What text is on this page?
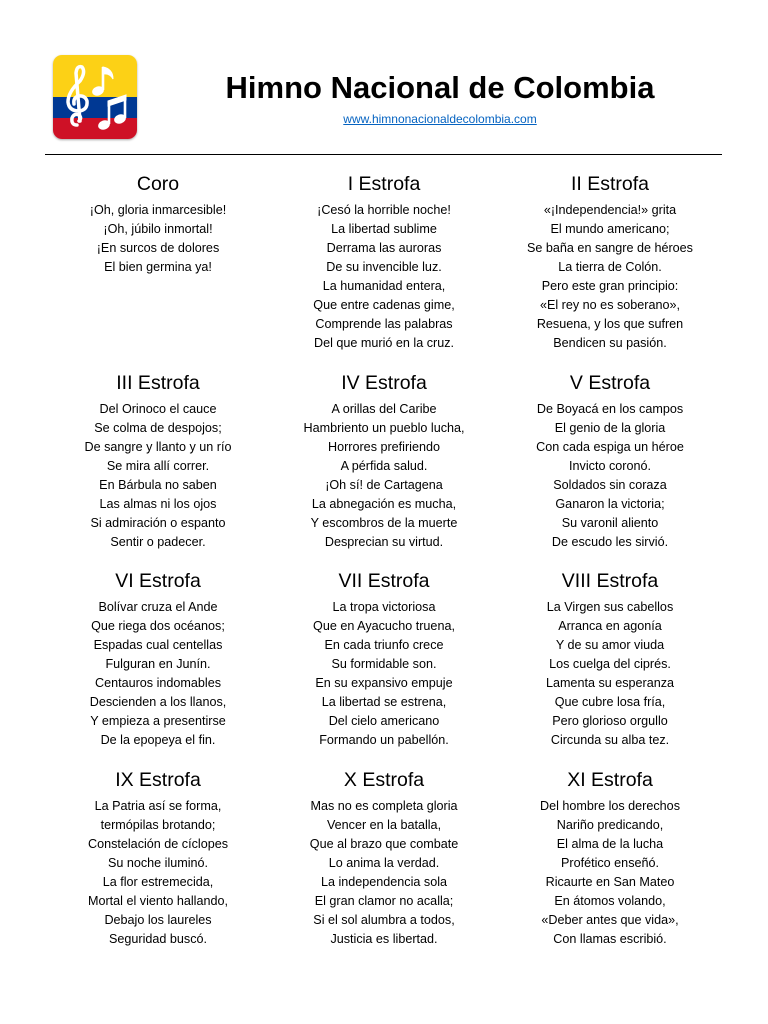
Himno Nacional de Colombia
www.himnonacionaldecolombia.com
Coro
¡Oh, gloria inmarcesible!
¡Oh, júbilo inmortal!
¡En surcos de dolores
El bien germina ya!
I Estrofa
¡Cesó la horrible noche!
La libertad sublime
Derrama las auroras
De su invencible luz.
La humanidad entera,
Que entre cadenas gime,
Comprende las palabras
Del que murió en la cruz.
II Estrofa
«¡Independencia!» grita
El mundo americano;
Se baña en sangre de héroes
La tierra de Colón.
Pero este gran principio:
«El rey no es soberano»,
Resuena, y los que sufren
Bendicen su pasión.
III Estrofa
Del Orinoco el cauce
Se colma de despojos;
De sangre y llanto y un río
Se mira allí correr.
En Bárbula no saben
Las almas ni los ojos
Si admiración o espanto
Sentir o padecer.
IV Estrofa
A orillas del Caribe
Hambriento un pueblo lucha,
Horrores prefiriendo
A pérfida salud.
¡Oh sí! de Cartagena
La abnegación es mucha,
Y escombros de la muerte
Desprecian su virtud.
V Estrofa
De Boyacá en los campos
El genio de la gloria
Con cada espiga un héroe
Invicto coronó.
Soldados sin coraza
Ganaron la victoria;
Su varonil aliento
De escudo les sirvió.
VI Estrofa
Bolívar cruza el Ande
Que riega dos océanos;
Espadas cual centellas
Fulguran en Junín.
Centauros indomables
Descienden a los llanos,
Y empieza a presentirse
De la epopeya el fin.
VII Estrofa
La tropa victoriosa
Que en Ayacucho truena,
En cada triunfo crece
Su formidable son.
En su expansivo empuje
La libertad se estrena,
Del cielo americano
Formando un pabellón.
VIII Estrofa
La Virgen sus cabellos
Arranca en agonía
Y de su amor viuda
Los cuelga del ciprés.
Lamenta su esperanza
Que cubre losa fría,
Pero glorioso orgullo
Circunda su alba tez.
IX Estrofa
La Patria así se forma,
termópilas brotando;
Constelación de cíclopes
Su noche iluminó.
La flor estremecida,
Mortal el viento hallando,
Debajo los laureles
Seguridad buscó.
X Estrofa
Mas no es completa gloria
Vencer en la batalla,
Que al brazo que combate
Lo anima la verdad.
La independencia sola
El gran clamor no acalla;
Si el sol alumbra a todos,
Justicia es libertad.
XI Estrofa
Del hombre los derechos
Nariño predicando,
El alma de la lucha
Profético enseñó.
Ricaurte en San Mateo
En átomos volando,
«Deber antes que vida»,
Con llamas escribió.
